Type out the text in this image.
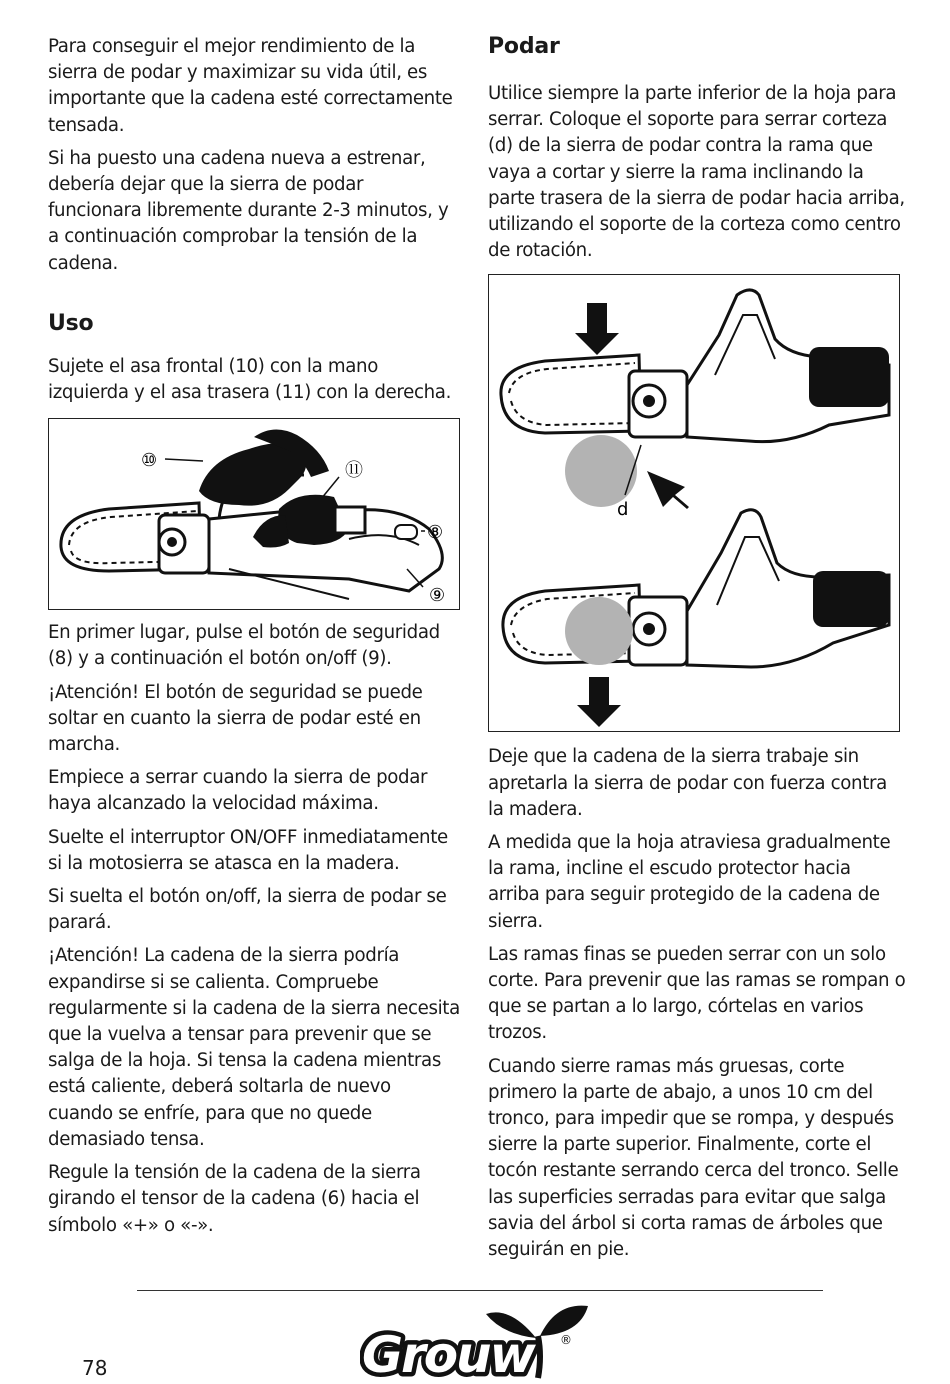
Para conseguir el mejor rendimiento de la sierra de podar y maximizar su vida útil, es importante que la cadena esté correctamente tensada.

Si ha puesto una cadena nueva a estrenar, debería dejar que la sierra de podar funcionara libremente durante 2-3 minutos, y a continuación comprobar la tensión de la cadena.

Uso

Sujete el asa frontal (10) con la mano izquierda y el asa trasera (11) con la derecha.

⑩	⑪
⑧
⑨

En primer lugar, pulse el botón de seguridad (8) y a continuación el botón on/off (9).

¡Atención! El botón de seguridad se puede soltar en cuanto la sierra de podar esté en marcha.

Empiece a serrar cuando la sierra de podar haya alcanzado la velocidad máxima.

Suelte el interruptor ON/OFF inmediatamente si la motosierra se atasca en la madera.

Si suelta el botón on/off, la sierra de podar se parará.

¡Atención! La cadena de la sierra podría expandirse si se calienta. Compruebe regularmente si la cadena de la sierra necesita que la vuelva a tensar para prevenir que se salga de la hoja. Si tensa la cadena mientras está caliente, deberá soltarla de nuevo cuando se enfríe, para que no quede demasiado tensa.

Regule la tensión de la cadena de la sierra girando el tensor de la cadena (6) hacia el símbolo «+» o «-».

Podar

Utilice siempre la parte inferior de la hoja para serrar. Coloque el soporte para serrar corteza (d) de la sierra de podar contra la rama que vaya a cortar y sierre la rama inclinando la parte trasera de la sierra de podar hacia arriba, utilizando el soporte de la corteza como centro de rotación.

d

Deje que la cadena de la sierra trabaje sin apretarla la sierra de podar con fuerza contra la madera.

A medida que la hoja atraviesa gradualmente la rama, incline el escudo protector hacia arriba para seguir protegido de la cadena de sierra.

Las ramas finas se pueden serrar con un solo corte. Para prevenir que las ramas se rompan o que se partan a lo largo, córtelas en varios trozos.

Cuando sierre ramas más gruesas, corte primero la parte de abajo, a unos 10 cm del tronco, para impedir que se rompa, y después sierre la parte superior. Finalmente, corte el tocón restante serrando cerca del tronco. Selle las superficies serradas para evitar que salga savia del árbol si corta ramas de árboles que seguirán en pie.

78	Grouw ®
